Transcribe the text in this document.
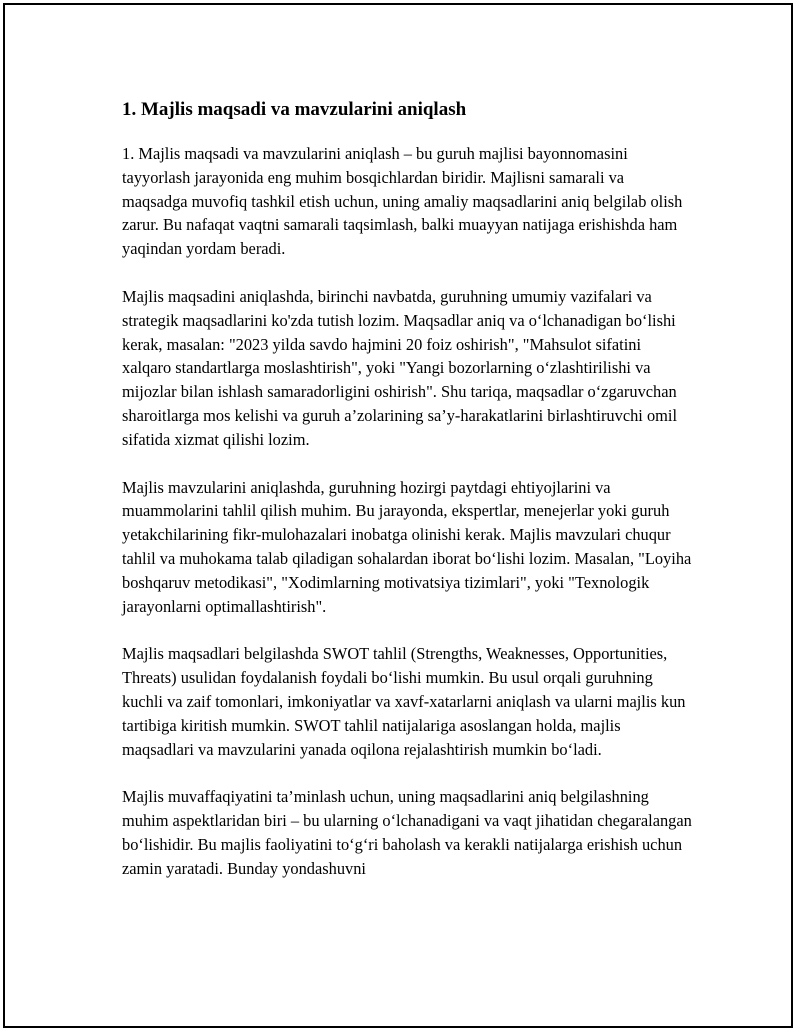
1. Majlis maqsadi va mavzularini aniqlash

1. Majlis maqsadi va mavzularini aniqlash – bu guruh majlisi bayonnomasini tayyorlash jarayonida eng muhim bosqichlardan biridir. Majlisni samarali va maqsadga muvofiq tashkil etish uchun, uning amaliy maqsadlarini aniq belgilab olish zarur. Bu nafaqat vaqtni samarali taqsimlash, balki muayyan natijaga erishishda ham yaqindan yordam beradi.

Majlis maqsadini aniqlashda, birinchi navbatda, guruhning umumiy vazifalari va strategik maqsadlarini ko'zda tutish lozim. Maqsadlar aniq va o‘lchanadigan bo‘lishi kerak, masalan: "2023 yilda savdo hajmini 20 foiz oshirish", "Mahsulot sifatini xalqaro standartlarga moslashtirish", yoki "Yangi bozorlarning o‘zlashtirilishi va mijozlar bilan ishlash samaradorligini oshirish". Shu tariqa, maqsadlar o‘zgaruvchan sharoitlarga mos kelishi va guruh a’zolarining sa’y-harakatlarini birlashtiruvchi omil sifatida xizmat qilishi lozim.

Majlis mavzularini aniqlashda, guruhning hozirgi paytdagi ehtiyojlarini va muammolarini tahlil qilish muhim. Bu jarayonda, ekspertlar, menejerlar yoki guruh yetakchilarining fikr-mulohazalari inobatga olinishi kerak. Majlis mavzulari chuqur tahlil va muhokama talab qiladigan sohalardan iborat bo‘lishi lozim. Masalan, "Loyiha boshqaruv metodikasi", "Xodimlarning motivatsiya tizimlari", yoki "Texnologik jarayonlarni optimallashtirish".

Majlis maqsadlari belgilashda SWOT tahlil (Strengths, Weaknesses, Opportunities, Threats) usulidan foydalanish foydali bo‘lishi mumkin. Bu usul orqali guruhning kuchli va zaif tomonlari, imkoniyatlar va xavf-xatarlarni aniqlash va ularni majlis kun tartibiga kiritish mumkin. SWOT tahlil natijalariga asoslangan holda, majlis maqsadlari va mavzularini yanada oqilona rejalashtirish mumkin bo‘ladi.

Majlis muvaffaqiyatini ta’minlash uchun, uning maqsadlarini aniq belgilashning muhim aspektlaridan biri – bu ularning o‘lchanadigani va vaqt jihatidan chegaralangan bo‘lishidir. Bu majlis faoliyatini to‘g‘ri baholash va kerakli natijalarga erishish uchun zamin yaratadi. Bunday yondashuvni
